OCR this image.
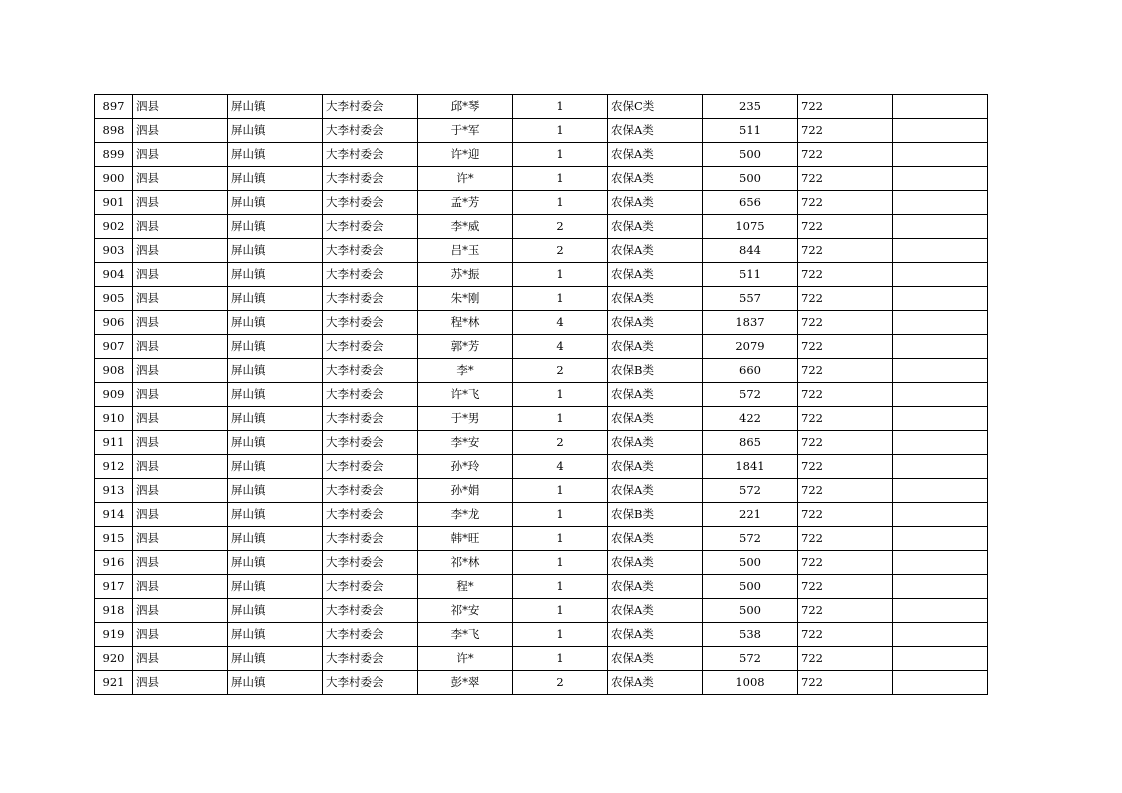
897	泗县	屏山镇	大李村委会	邱*琴	1	农保C类	235	722	
898	泗县	屏山镇	大李村委会	于*军	1	农保A类	511	722	
899	泗县	屏山镇	大李村委会	许*迎	1	农保A类	500	722	
900	泗县	屏山镇	大李村委会	许*	1	农保A类	500	722	
901	泗县	屏山镇	大李村委会	孟*芳	1	农保A类	656	722	
902	泗县	屏山镇	大李村委会	李*威	2	农保A类	1075	722	
903	泗县	屏山镇	大李村委会	吕*玉	2	农保A类	844	722	
904	泗县	屏山镇	大李村委会	苏*振	1	农保A类	511	722	
905	泗县	屏山镇	大李村委会	朱*刚	1	农保A类	557	722	
906	泗县	屏山镇	大李村委会	程*林	4	农保A类	1837	722	
907	泗县	屏山镇	大李村委会	郭*芳	4	农保A类	2079	722	
908	泗县	屏山镇	大李村委会	李*	2	农保B类	660	722	
909	泗县	屏山镇	大李村委会	许*飞	1	农保A类	572	722	
910	泗县	屏山镇	大李村委会	于*男	1	农保A类	422	722	
911	泗县	屏山镇	大李村委会	李*安	2	农保A类	865	722	
912	泗县	屏山镇	大李村委会	孙*玲	4	农保A类	1841	722	
913	泗县	屏山镇	大李村委会	孙*娟	1	农保A类	572	722	
914	泗县	屏山镇	大李村委会	李*龙	1	农保B类	221	722	
915	泗县	屏山镇	大李村委会	韩*旺	1	农保A类	572	722	
916	泗县	屏山镇	大李村委会	祁*林	1	农保A类	500	722	
917	泗县	屏山镇	大李村委会	程*	1	农保A类	500	722	
918	泗县	屏山镇	大李村委会	祁*安	1	农保A类	500	722	
919	泗县	屏山镇	大李村委会	李*飞	1	农保A类	538	722	
920	泗县	屏山镇	大李村委会	许*	1	农保A类	572	722	
921	泗县	屏山镇	大李村委会	彭*翠	2	农保A类	1008	722	
